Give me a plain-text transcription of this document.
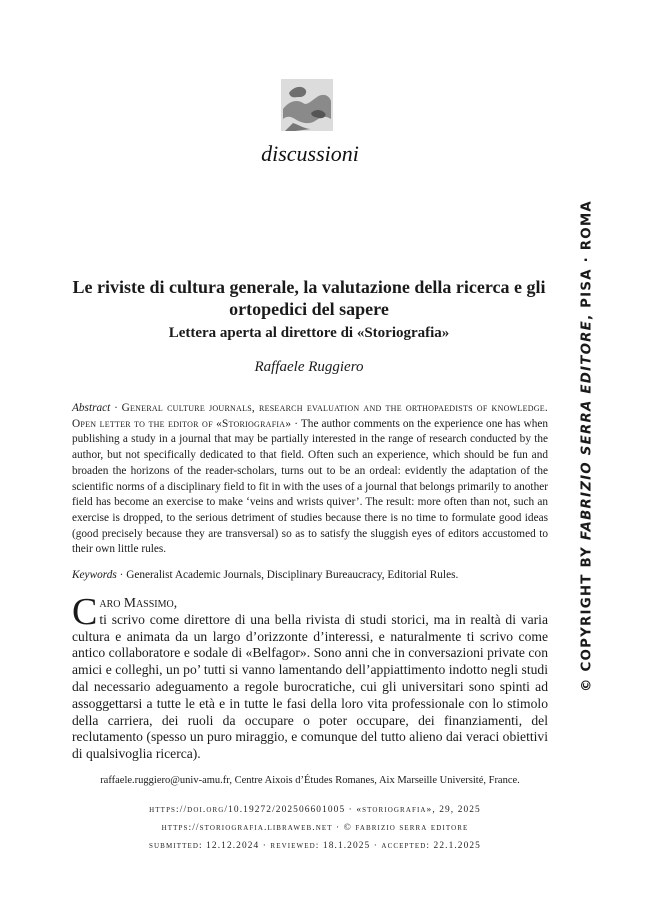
discussioni
© COPYRIGHT BY FABRIZIO SERRA EDITORE, PISA · ROMA
Le riviste di cultura generale, la valutazione della ricerca e gli ortopedici del sapere
Lettera aperta al direttore di «Storiografia»
Raffaele Ruggiero

Abstract · General culture journals, research evaluation and the orthopaedists of knowledge. Open letter to the editor of «Storiografia» · The author comments on the experience one has when publishing a study in a journal that may be partially interested in the range of research conducted by the author, but not specifically dedicated to that field. Often such an experience, which should be fun and broaden the horizons of the reader-scholars, turns out to be an ordeal: evidently the adaptation of the scientific norms of a disciplinary field to fit in with the uses of a journal that belongs primarily to another field has become an exercise to make ‘veins and wrists quiver’. The result: more often than not, such an exercise is dropped, to the serious detriment of studies because there is no time to formulate good ideas (good precisely because they are transversal) so as to satisfy the sluggish eyes of editors accustomed to their own little rules.

Keywords · Generalist Academic Journals, Disciplinary Bureaucracy, Editorial Rules.

Caro Massimo,
ti scrivo come direttore di una bella rivista di studi storici, ma in realtà di varia cultura e animata da un largo d’orizzonte d’interessi, e naturalmente ti scrivo come antico collaboratore e sodale di «Belfagor». Sono anni che in conversazioni private con amici e colleghi, un po’ tutti si vanno lamentando dell’appiattimento indotto negli studi dal necessario adeguamento a regole burocratiche, cui gli universitari sono spinti ad assoggettarsi a tutte le età e in tutte le fasi della loro vita professionale con lo stimolo della carriera, dei ruoli da occupare o poter occupare, dei finanziamenti, del reclutamento (spesso un puro miraggio, e comunque del tutto alieno dai veraci obiettivi di qualsivoglia ricerca).

raffaele.ruggiero@univ-amu.fr, Centre Aixois d’Études Romanes, Aix Marseille Université, France.

https://doi.org/10.19272/202506601005 · «storiografia», 29, 2025
https://storiografia.libraweb.net · © fabrizio serra editore
submitted: 12.12.2024 · reviewed: 18.1.2025 · accepted: 22.1.2025
